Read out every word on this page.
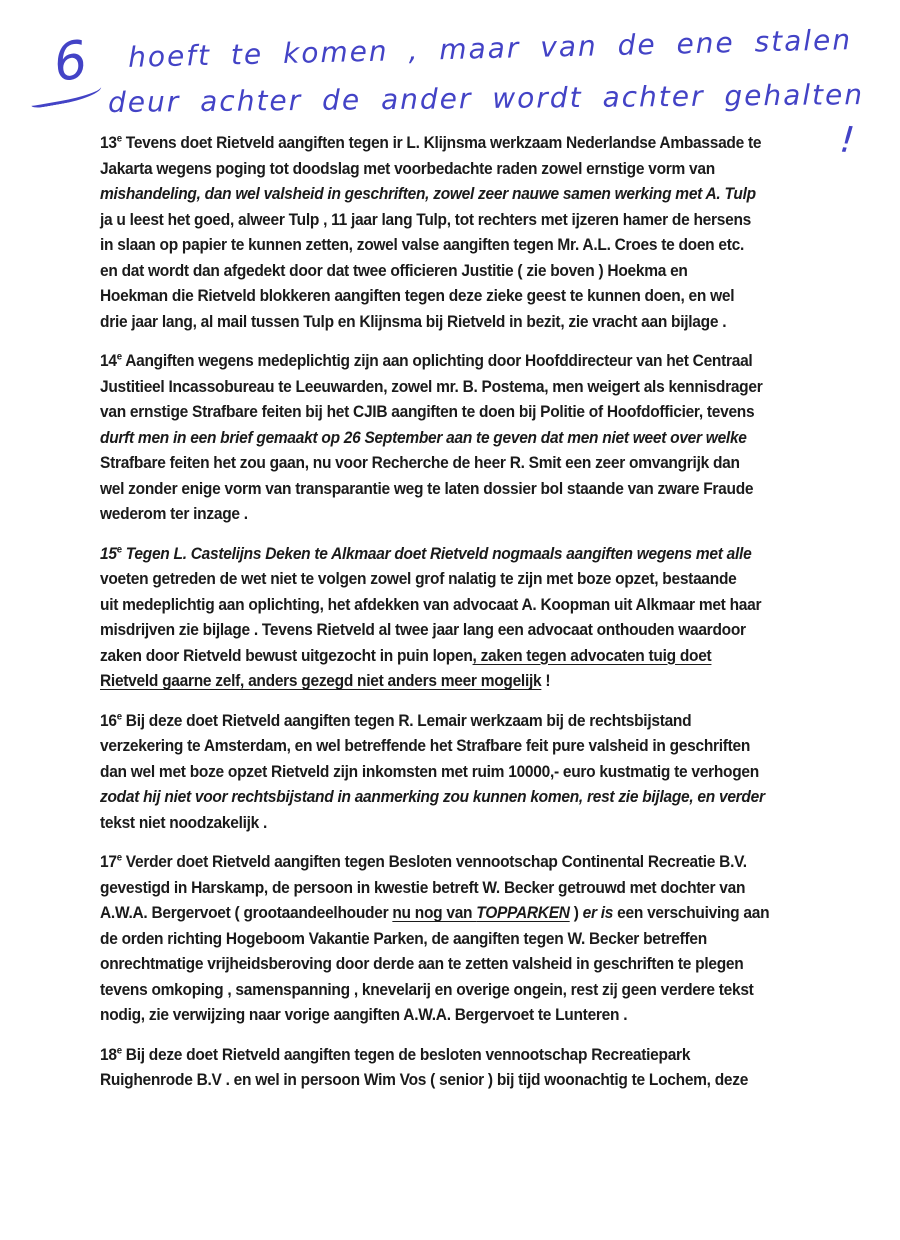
6 hoeft te komen , maar van de ene stalen
deur achter de ander wordt achter gehalten
!
13e Tevens doet Rietveld aangiften tegen ir L. Klijnsma werkzaam Nederlandse Ambassade te
Jakarta wegens poging tot doodslag met voorbedachte raden zowel ernstige vorm van
mishandeling, dan wel valsheid in geschriften, zowel zeer nauwe samen werking met A. Tulp
ja u leest het goed, alweer Tulp , 11 jaar lang Tulp, tot rechters met ijzeren hamer de hersens
in slaan op papier te kunnen zetten, zowel valse aangiften tegen Mr. A.L. Croes te doen etc.
en dat wordt dan afgedekt door dat twee officieren Justitie ( zie boven ) Hoekma en
Hoekman die Rietveld blokkeren aangiften tegen deze zieke geest te kunnen doen, en wel
drie jaar lang, al mail tussen Tulp en Klijnsma bij Rietveld in bezit, zie vracht aan bijlage .
14e Aangiften wegens medeplichtig zijn aan oplichting door Hoofddirecteur van het Centraal
Justitieel Incassobureau te Leeuwarden, zowel mr. B. Postema, men weigert als kennisdrager
van ernstige Strafbare feiten bij het CJIB aangiften te doen bij Politie of Hoofdofficier, tevens
durft men in een brief gemaakt op 26 September aan te geven dat men niet weet over welke
Strafbare feiten het zou gaan, nu voor Recherche de heer R. Smit een zeer omvangrijk dan
wel zonder enige vorm van transparantie weg te laten dossier bol staande van zware Fraude
wederom ter inzage .
15e Tegen L. Castelijns Deken te Alkmaar doet Rietveld nogmaals aangiften wegens met alle
voeten getreden de wet niet te volgen zowel grof nalatig te zijn met boze opzet, bestaande
uit medeplichtig aan oplichting, het afdekken van advocaat A. Koopman uit Alkmaar met haar
misdrijven zie bijlage . Tevens Rietveld al twee jaar lang een advocaat onthouden waardoor
zaken door Rietveld bewust uitgezocht in puin lopen, zaken tegen advocaten tuig doet
Rietveld gaarne zelf, anders gezegd niet anders meer mogelijk !
16e Bij deze doet Rietveld aangiften tegen R. Lemair werkzaam bij de rechtsbijstand
verzekering te Amsterdam, en wel betreffende het Strafbare feit pure valsheid in geschriften
dan wel met boze opzet Rietveld zijn inkomsten met ruim 10000,- euro kustmatig te verhogen
zodat hij niet voor rechtsbijstand in aanmerking zou kunnen komen, rest zie bijlage, en verder
tekst niet noodzakelijk .
17e Verder doet Rietveld aangiften tegen Besloten vennootschap Continental Recreatie B.V.
gevestigd in Harskamp, de persoon in kwestie betreft W. Becker getrouwd met dochter van
A.W.A. Bergervoet ( grootaandeelhouder nu nog van TOPPARKEN ) er is een verschuiving aan
de orden richting Hogeboom Vakantie Parken, de aangiften tegen W. Becker betreffen
onrechtmatige vrijheidsberoving door derde aan te zetten valsheid in geschriften te plegen
tevens omkoping , samenspanning , knevelarij en overige ongein, rest zij geen verdere tekst
nodig, zie verwijzing naar vorige aangiften A.W.A. Bergervoet te Lunteren .
18e Bij deze doet Rietveld aangiften tegen de besloten vennootschap Recreatiepark
Ruighenrode B.V . en wel in persoon Wim Vos ( senior ) bij tijd woonachtig te Lochem, deze
